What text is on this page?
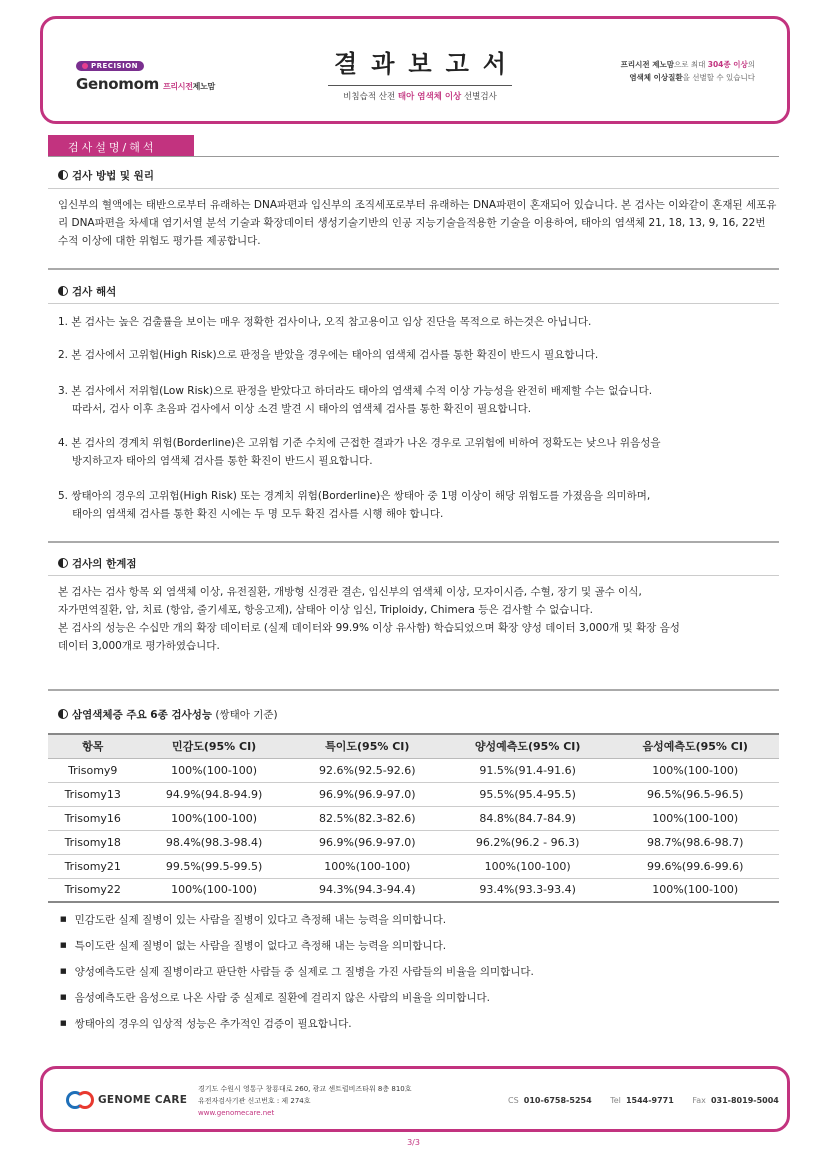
PRECISION
Genomom 프리시전제노맘
결과보고서
비침습적 산전 태아 염색체 이상 선별검사
프리시전 제노맘으로 최대 304종 이상의
염색체 이상질환을 선별할 수 있습니다
검사설명/해석
검사 방법 및 원리
임신부의 혈액에는 태반으로부터 유래하는 DNA파편과 임신부의 조직세포로부터 유래하는 DNA파편이 혼재되어 있습니다. 본 검사는 이와같이 혼재된 세포유리 DNA파편을 차세대 염기서열 분석 기술과 확장데이터 생성기술기반의 인공 지능기술을적용한 기술을 이용하여, 태아의 염색체 21, 18, 13, 9, 16, 22번 수적 이상에 대한 위험도 평가를 제공합니다.
검사 해석
1. 본 검사는 높은 검출률을 보이는 매우 정확한 검사이나, 오직 참고용이고 임상 진단을 목적으로 하는것은 아닙니다.
2. 본 검사에서 고위험(High Risk)으로 판정을 받았을 경우에는 태아의 염색체 검사를 통한 확진이 반드시 필요합니다.
3. 본 검사에서 저위험(Low Risk)으로 판정을 받았다고 하더라도 태아의 염색체 수적 이상 가능성을 완전히 배제할 수는 없습니다.
따라서, 검사 이후 초음파 검사에서 이상 소견 발견 시 태아의 염색체 검사를 통한 확진이 필요합니다.
4. 본 검사의 경계치 위험(Borderline)은 고위험 기준 수치에 근접한 결과가 나온 경우로 고위험에 비하여 정확도는 낮으나 위음성을
방지하고자 태아의 염색체 검사를 통한 확진이 반드시 필요합니다.
5. 쌍태아의 경우의 고위험(High Risk) 또는 경계치 위험(Borderline)은 쌍태아 중 1명 이상이 해당 위험도를 가졌음을 의미하며,
태아의 염색체 검사를 통한 확진 시에는 두 명 모두 확진 검사를 시행 해야 합니다.
검사의 한계점
본 검사는 검사 항목 외 염색체 이상, 유전질환, 개방형 신경관 결손, 임신부의 염색체 이상, 모자이시즘, 수혈, 장기 및 골수 이식,
자가면역질환, 암, 치료 (항암, 줄기세포, 항응고제), 삼태아 이상 임신, Triploidy, Chimera 등은 검사할 수 없습니다.
본 검사의 성능은 수십만 개의 확장 데이터로 (실제 데이터와 99.9% 이상 유사함) 학습되었으며 확장 양성 데이터 3,000개 및 확장 음성
데이터 3,000개로 평가하였습니다.
삼염색체증 주요 6종 검사성능 (쌍태아 기준)
항목	민감도(95% CI)	특이도(95% CI)	양성예측도(95% CI)	음성예측도(95% CI)
Trisomy9	100%(100-100)	92.6%(92.5-92.6)	91.5%(91.4-91.6)	100%(100-100)
Trisomy13	94.9%(94.8-94.9)	96.9%(96.9-97.0)	95.5%(95.4-95.5)	96.5%(96.5-96.5)
Trisomy16	100%(100-100)	82.5%(82.3-82.6)	84.8%(84.7-84.9)	100%(100-100)
Trisomy18	98.4%(98.3-98.4)	96.9%(96.9-97.0)	96.2%(96.2 - 96.3)	98.7%(98.6-98.7)
Trisomy21	99.5%(99.5-99.5)	100%(100-100)	100%(100-100)	99.6%(99.6-99.6)
Trisomy22	100%(100-100)	94.3%(94.3-94.4)	93.4%(93.3-93.4)	100%(100-100)
■ 민감도란 실제 질병이 있는 사람을 질병이 있다고 측정해 내는 능력을 의미합니다.
■ 특이도란 실제 질병이 없는 사람을 질병이 없다고 측정해 내는 능력을 의미합니다.
■ 양성예측도란 실제 질병이라고 판단한 사람들 중 실제로 그 질병을 가진 사람들의 비율을 의미합니다.
■ 음성예측도란 음성으로 나온 사람 중 실제로 질환에 걸리지 않은 사람의 비율을 의미합니다.
■ 쌍태아의 경우의 임상적 성능은 추가적인 검증이 필요합니다.
GENOME CARE
경기도 수원시 영통구 창룡대로 260, 광교 센트럴비즈타워 8층 810호
유전자검사기관 신고번호 : 제 274호
www.genomecare.net
CS 010-6758-5254 Tel 1544-9771 Fax 031-8019-5004
3/3
